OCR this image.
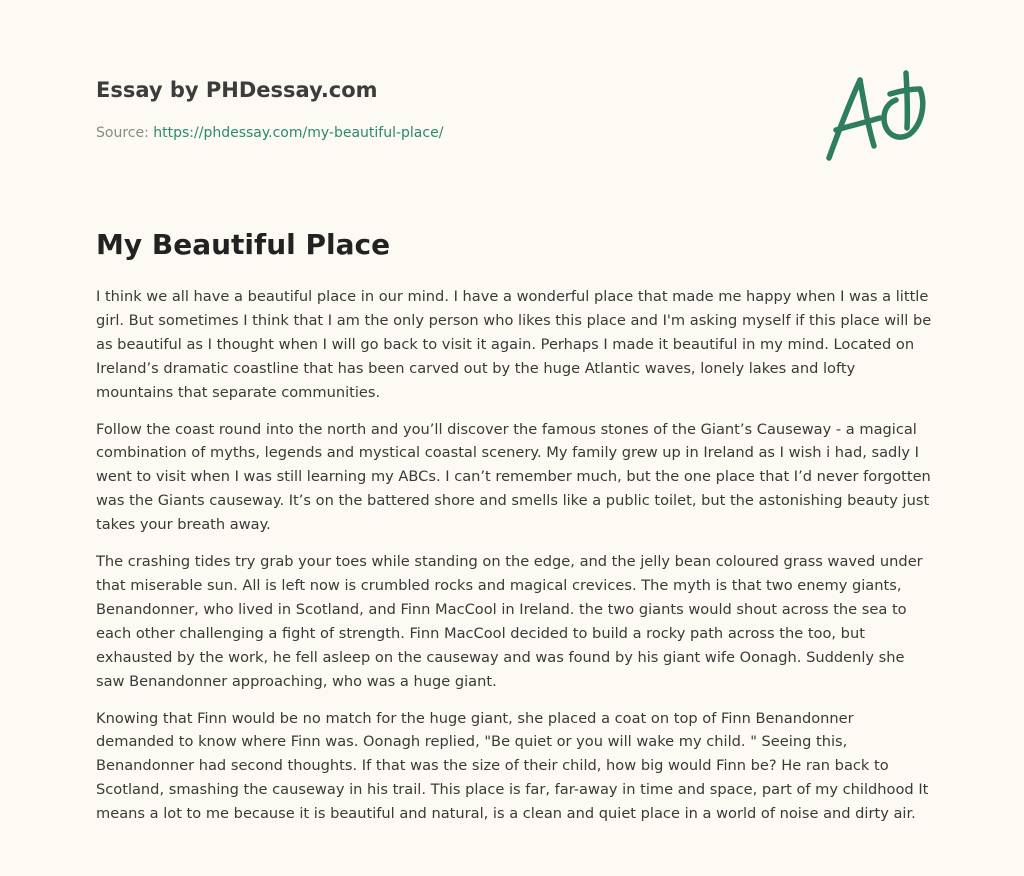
Essay by PHDessay.com
Source: https://phdessay.com/my-beautiful-place/
My Beautiful Place

I think we all have a beautiful place in our mind. I have a wonderful place that made me happy when I was a little girl. But sometimes I think that I am the only person who likes this place and I'm asking myself if this place will be as beautiful as I thought when I will go back to visit it again. Perhaps I made it beautiful in my mind. Located on Ireland’s dramatic coastline that has been carved out by the huge Atlantic waves, lonely lakes and lofty mountains that separate communities.

Follow the coast round into the north and you’ll discover the famous stones of the Giant’s Causeway - a magical combination of myths, legends and mystical coastal scenery. My family grew up in Ireland as I wish i had, sadly I went to visit when I was still learning my ABCs. I can’t remember much, but the one place that I’d never forgotten was the Giants causeway. It’s on the battered shore and smells like a public toilet, but the astonishing beauty just takes your breath away.

The crashing tides try grab your toes while standing on the edge, and the jelly bean coloured grass waved under that miserable sun. All is left now is crumbled rocks and magical crevices. The myth is that two enemy giants, Benandonner, who lived in Scotland, and Finn MacCool in Ireland. the two giants would shout across the sea to each other challenging a fight of strength. Finn MacCool decided to build a rocky path across the too, but exhausted by the work, he fell asleep on the causeway and was found by his giant wife Oonagh. Suddenly she saw Benandonner approaching, who was a huge giant.

Knowing that Finn would be no match for the huge giant, she placed a coat on top of Finn Benandonner demanded to know where Finn was. Oonagh replied, "Be quiet or you will wake my child. " Seeing this, Benandonner had second thoughts. If that was the size of their child, how big would Finn be? He ran back to Scotland, smashing the causeway in his trail. This place is far, far-away in time and space, part of my childhood It means a lot to me because it is beautiful and natural, is a clean and quiet place in a world of noise and dirty air.
